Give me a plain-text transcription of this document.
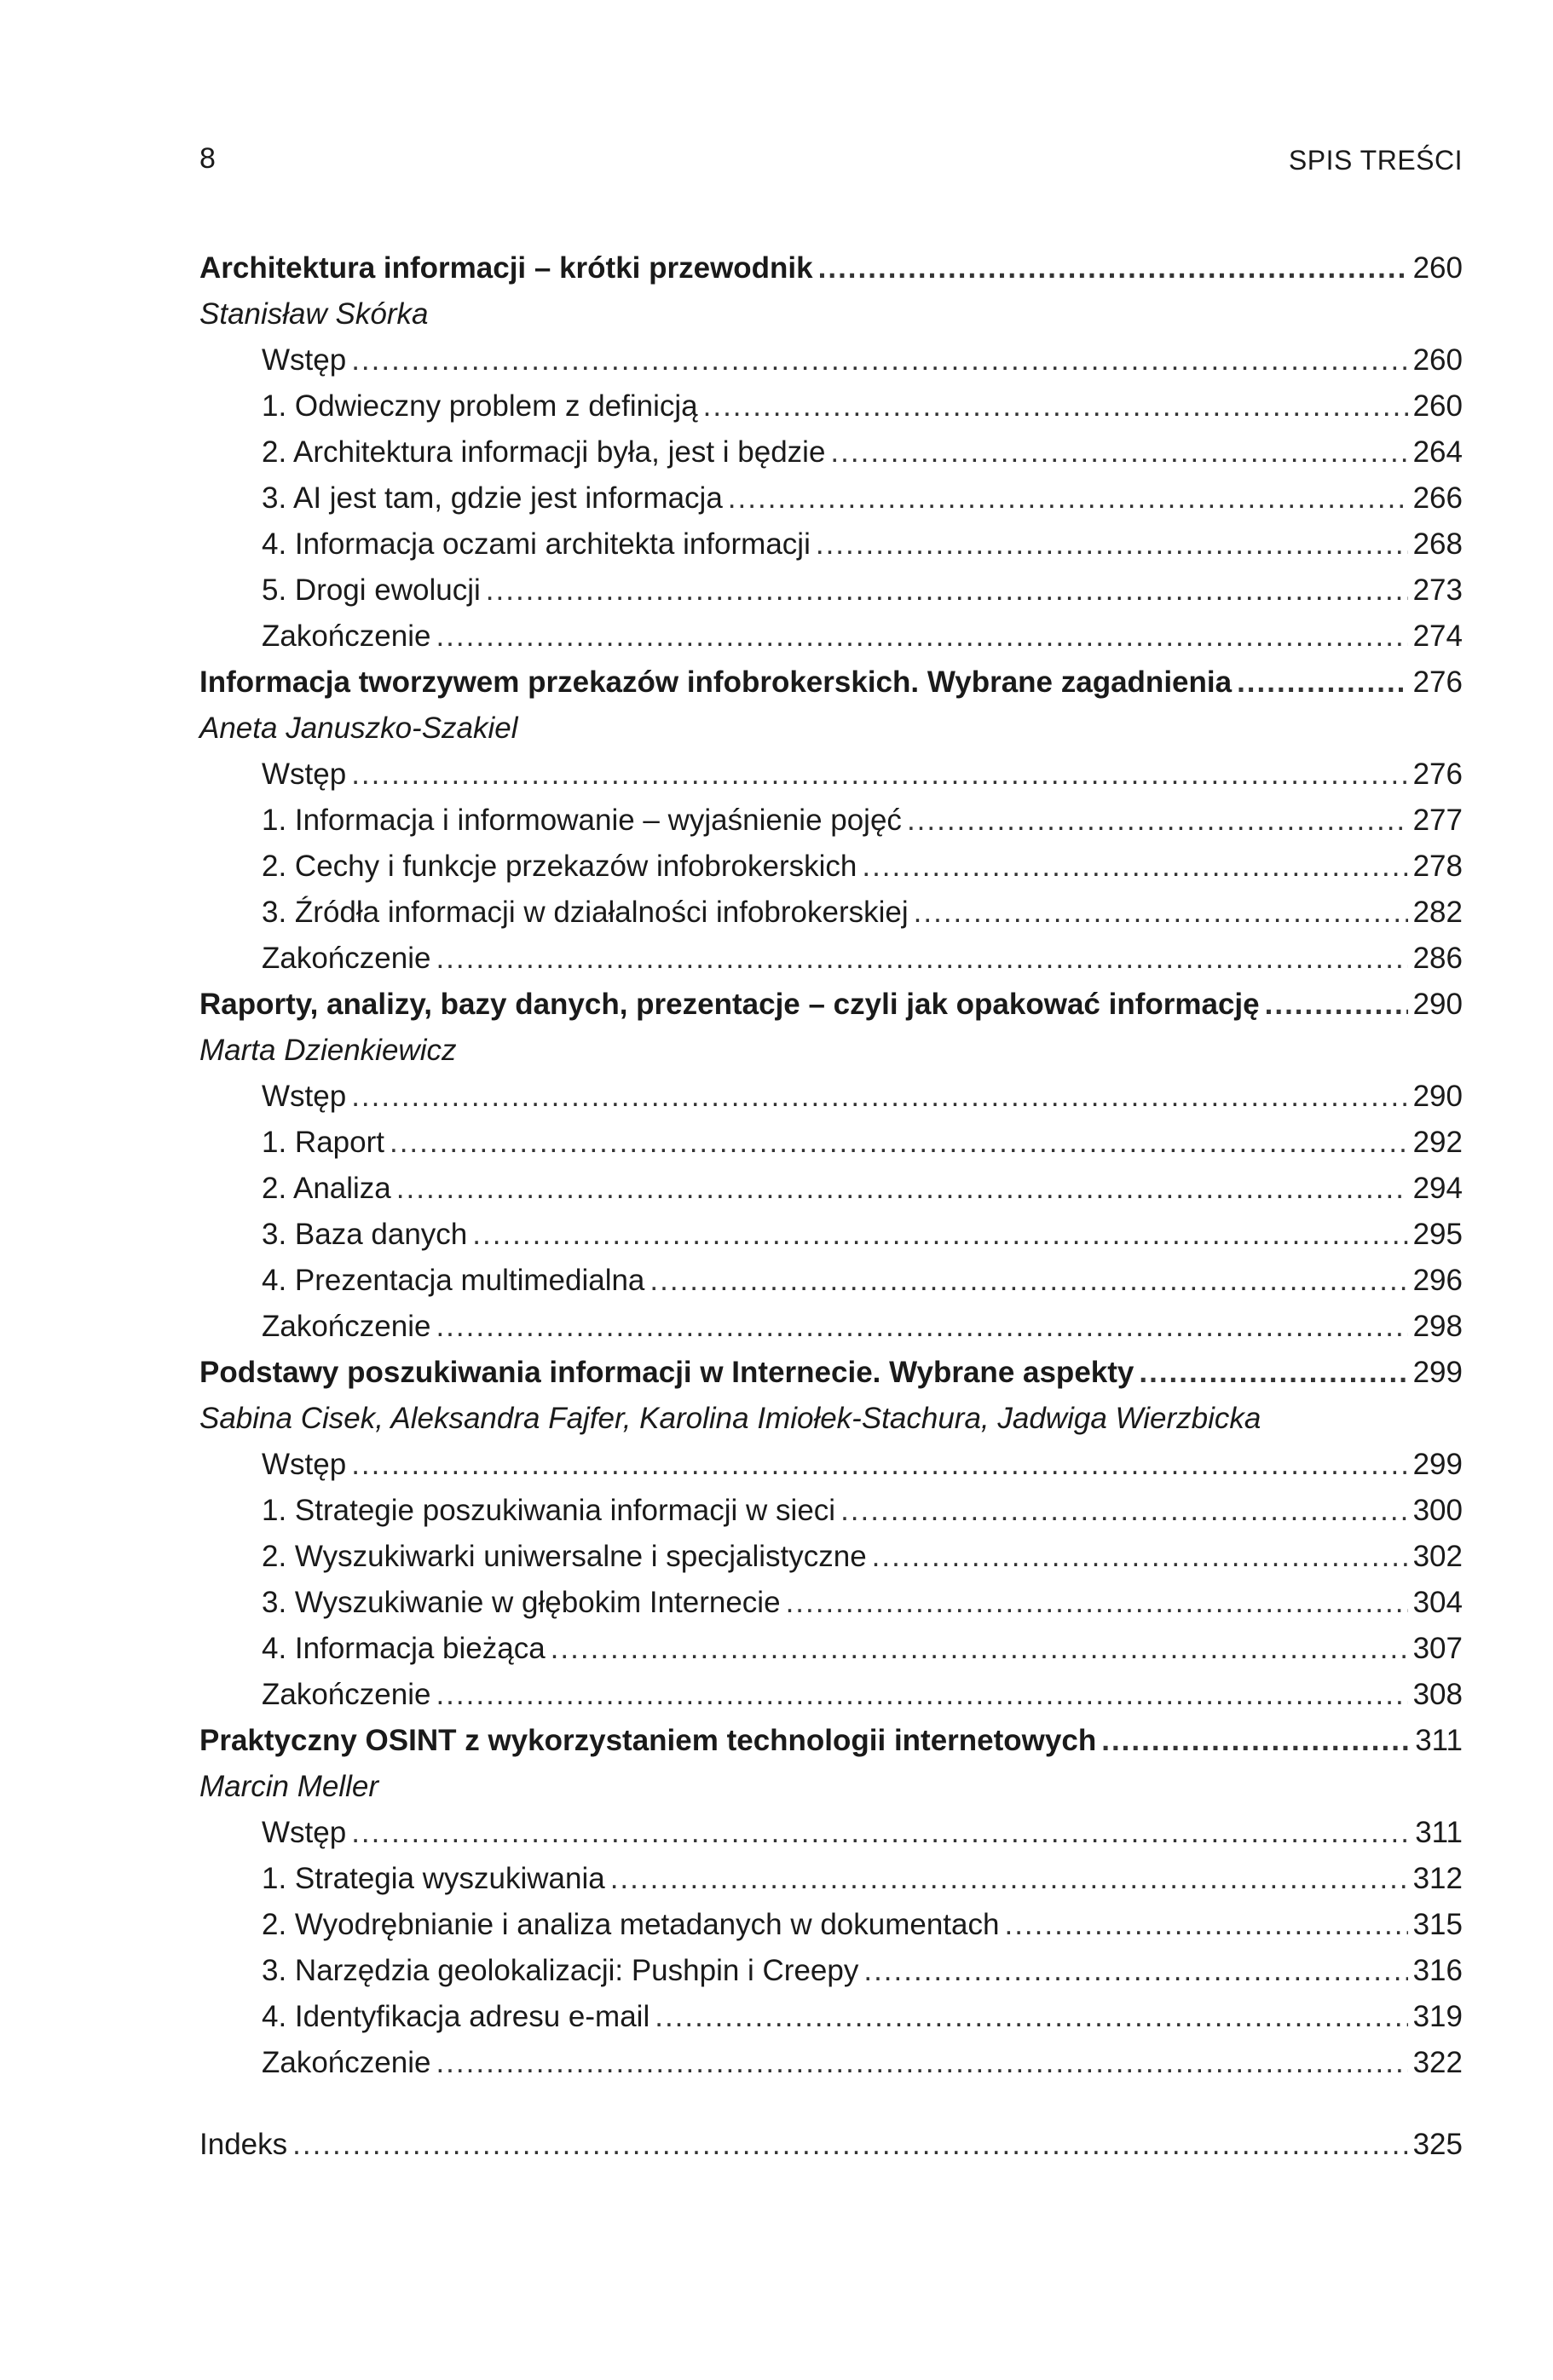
8	SPIS TREŚCI
Architektura informacji – krótki przewodnik .....	260
Stanisław Skórka
Wstęp .....	260
1. Odwieczny problem z definicją .....	260
2. Architektura informacji była, jest i będzie .....	264
3. AI jest tam, gdzie jest informacja .....	266
4. Informacja oczami architekta informacji .....	268
5. Drogi ewolucji .....	273
Zakończenie .....	274
Informacja tworzywem przekazów infobrokerskich. Wybrane zagadnienia .....	276
Aneta Januszko-Szakiel
Wstęp .....	276
1. Informacja i informowanie – wyjaśnienie pojęć .....	277
2. Cechy i funkcje przekazów infobrokerskich .....	278
3. Źródła informacji w działalności infobrokerskiej .....	282
Zakończenie .....	286
Raporty, analizy, bazy danych, prezentacje – czyli jak opakować informację .....	290
Marta Dzienkiewicz
Wstęp .....	290
1. Raport .....	292
2. Analiza .....	294
3. Baza danych .....	295
4. Prezentacja multimedialna .....	296
Zakończenie .....	298
Podstawy poszukiwania informacji w Internecie. Wybrane aspekty .....	299
Sabina Cisek, Aleksandra Fajfer, Karolina Imiołek-Stachura, Jadwiga Wierzbicka
Wstęp .....	299
1. Strategie poszukiwania informacji w sieci .....	300
2. Wyszukiwarki uniwersalne i specjalistyczne .....	302
3. Wyszukiwanie w głębokim Internecie .....	304
4. Informacja bieżąca .....	307
Zakończenie .....	308
Praktyczny OSINT z wykorzystaniem technologii internetowych .....	311
Marcin Meller
Wstęp .....	311
1. Strategia wyszukiwania .....	312
2. Wyodrębnianie i analiza metadanych w dokumentach .....	315
3. Narzędzia geolokalizacji: Pushpin i Creepy .....	316
4. Identyfikacja adresu e-mail .....	319
Zakończenie .....	322
Indeks .....	325
